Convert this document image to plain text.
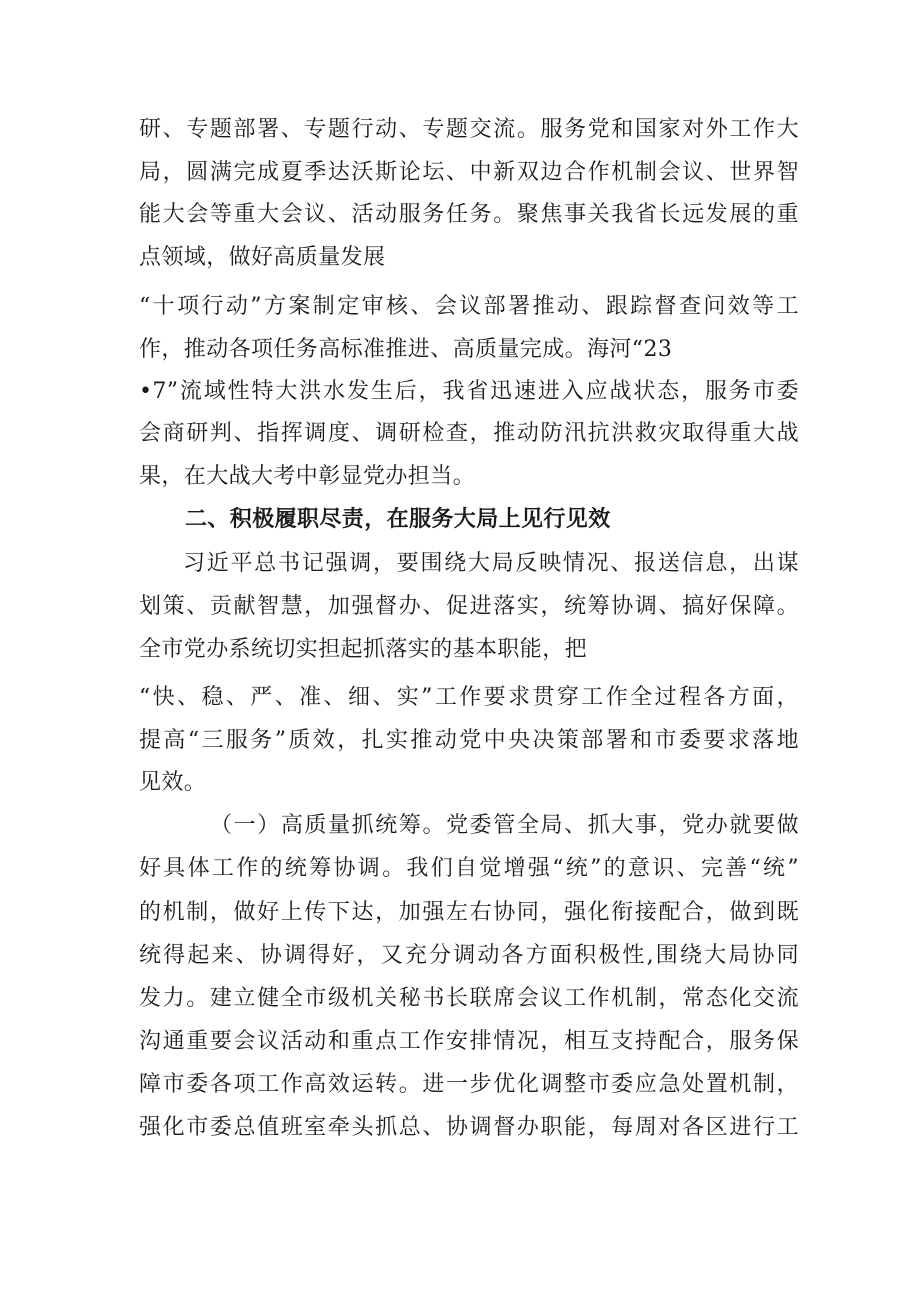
研、专题部署、专题行动、专题交流。服务党和国家对外工作大
局，圆满完成夏季达沃斯论坛、中新双边合作机制会议、世界智
能大会等重大会议、活动服务任务。聚焦事关我省长远发展的重
点领域，做好高质量发展
“十项行动”方案制定审核、会议部署推动、跟踪督查问效等工
作，推动各项任务高标准推进、高质量完成。海河“23
•7”流域性特大洪水发生后，我省迅速进入应战状态，服务市委
会商研判、指挥调度、调研检查，推动防汛抗洪救灾取得重大战
果，在大战大考中彰显党办担当。
二、积极履职尽责，在服务大局上见行见效
习近平总书记强调，要围绕大局反映情况、报送信息，出谋
划策、贡献智慧，加强督办、促进落实，统筹协调、搞好保障。
全市党办系统切实担起抓落实的基本职能，把
“快、稳、严、准、细、实”工作要求贯穿工作全过程各方面，
提高“三服务”质效，扎实推动党中央决策部署和市委要求落地
见效。
（一）高质量抓统筹。党委管全局、抓大事，党办就要做
好具体工作的统筹协调。我们自觉增强“统”的意识、完善“统”
的机制，做好上传下达，加强左右协同，强化衔接配合，做到既
统得起来、协调得好，又充分调动各方面积极性,围绕大局协同
发力。建立健全市级机关秘书长联席会议工作机制，常态化交流
沟通重要会议活动和重点工作安排情况，相互支持配合，服务保
障市委各项工作高效运转。进一步优化调整市委应急处置机制，
强化市委总值班室牵头抓总、协调督办职能，每周对各区进行工
